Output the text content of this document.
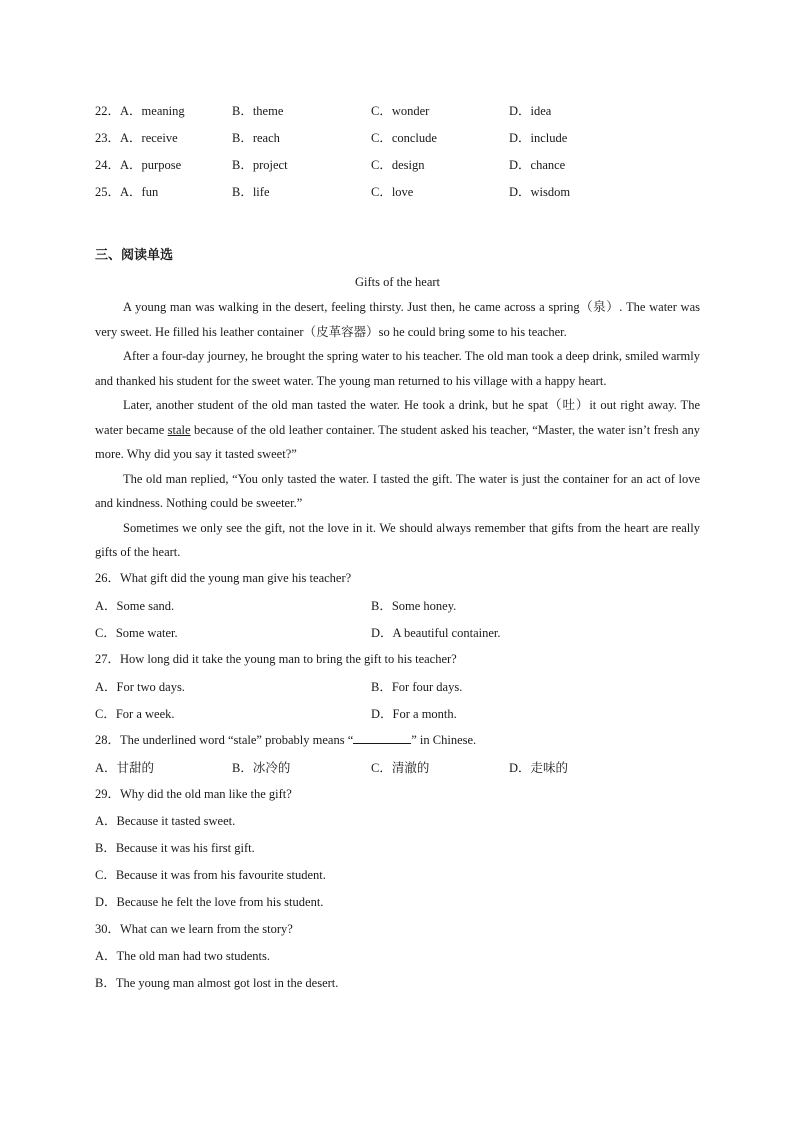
22．A．meaning	B．theme	C．wonder	D．idea
23．A．receive	B．reach	C．conclude	D．include
24．A．purpose	B．project	C．design	D．chance
25．A．fun	B．life	C．love	D．wisdom
三、阅读单选
Gifts of the heart
A young man was walking in the desert, feeling thirsty. Just then, he came across a spring（泉）. The water was very sweet. He filled his leather container（皮革容器）so he could bring some to his teacher.
After a four-day journey, he brought the spring water to his teacher. The old man took a deep drink, smiled warmly and thanked his student for the sweet water. The young man returned to his village with a happy heart.
Later, another student of the old man tasted the water. He took a drink, but he spat（吐）it out right away. The water became stale because of the old leather container. The student asked his teacher, “Master, the water isn’t fresh any more. Why did you say it tasted sweet?”
The old man replied, “You only tasted the water. I tasted the gift. The water is just the container for an act of love and kindness. Nothing could be sweeter.”
Sometimes we only see the gift, not the love in it. We should always remember that gifts from the heart are really gifts of the heart.
26．What gift did the young man give his teacher?
A．Some sand.	B．Some honey.
C．Some water.	D．A beautiful container.
27．How long did it take the young man to bring the gift to his teacher?
A．For two days.	B．For four days.
C．For a week.	D．For a month.
28．The underlined word “stale” probably means “	” in Chinese.
A．甘甜的	B．冰冷的	C．清澈的	D．走味的
29．Why did the old man like the gift?
A．Because it tasted sweet.
B．Because it was his first gift.
C．Because it was from his favourite student.
D．Because he felt the love from his student.
30．What can we learn from the story?
A．The old man had two students.
B．The young man almost got lost in the desert.
